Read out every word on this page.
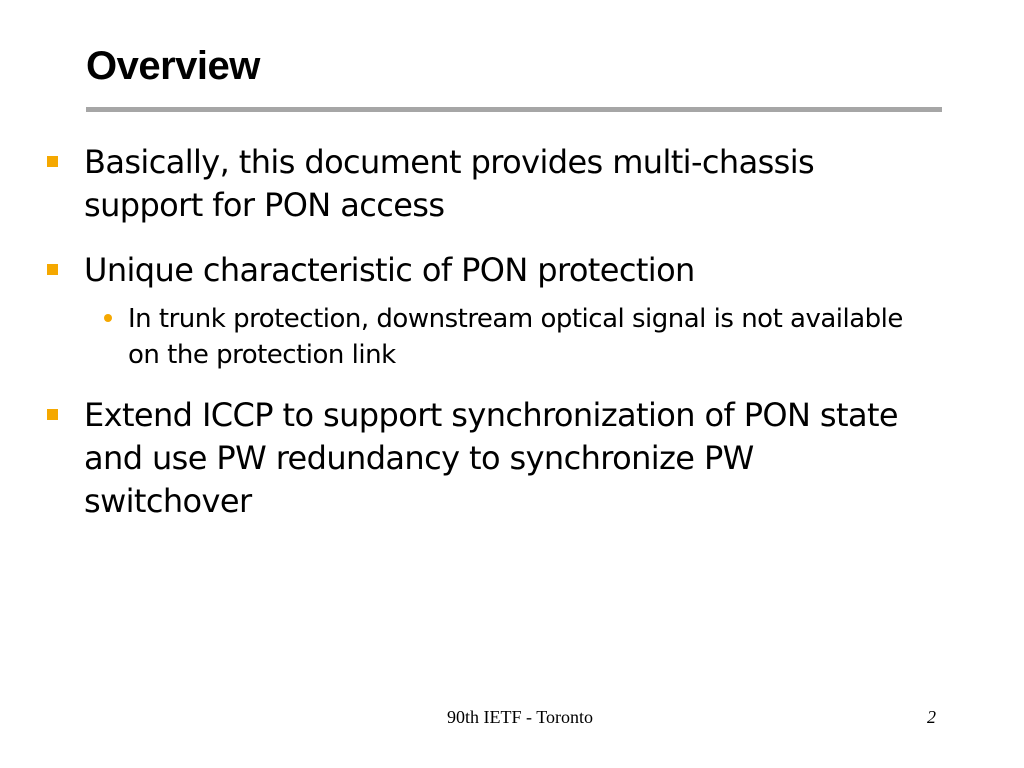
Overview
Basically, this document provides multi-chassis support for PON access
Unique characteristic of PON protection
In trunk protection, downstream optical signal is not available on the protection link
Extend ICCP to support synchronization of PON state and use PW redundancy to synchronize PW switchover
90th IETF - Toronto	2
